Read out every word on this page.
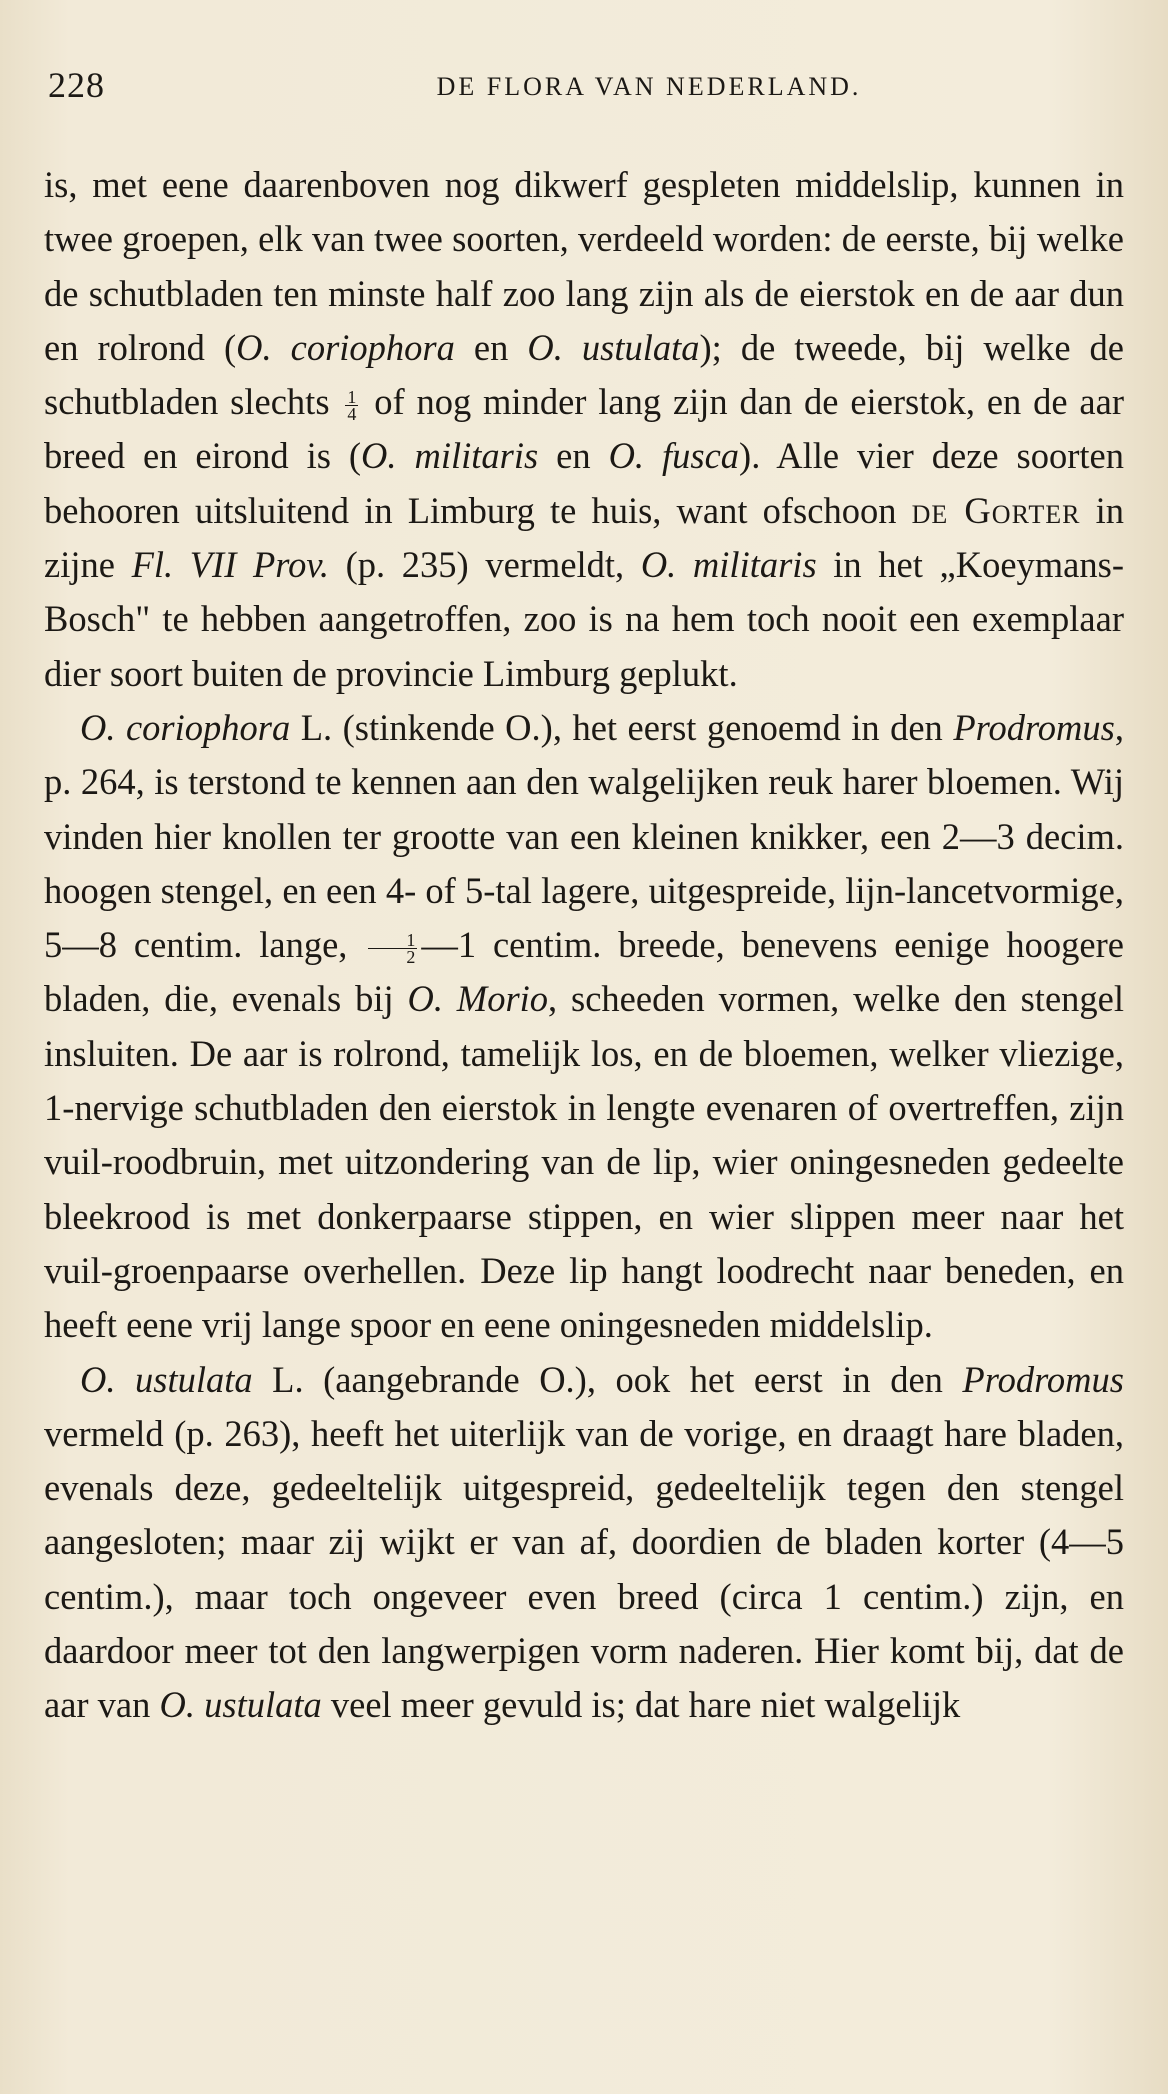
228	DE FLORA VAN NEDERLAND.

is, met eene daarenboven nog dikwerf gespleten middelslip, kunnen in twee groepen, elk van twee soorten, verdeeld worden: de eerste, bij welke de schutbladen ten minste half zoo lang zijn als de eierstok en de aar dun en rolrond (O. coriophora en O. ustulata); de tweede, bij welke de schutbladen slechts $\frac{1}{4}$ of nog minder lang zijn dan de eierstok, en de aar breed en eirond is (O. militaris en O. fusca). Alle vier deze soorten behooren uitsluitend in Limburg te huis, want ofschoon de Gorter in zijne Fl. VII Prov. (p. 235) vermeldt, O. militaris in het „Koeymans-Bosch" te hebben aangetroffen, zoo is na hem toch nooit een exemplaar dier soort buiten de provincie Limburg geplukt.

O. coriophora L. (stinkende O.), het eerst genoemd in den Prodromus, p. 264, is terstond te kennen aan den walgelijken reuk harer bloemen. Wij vinden hier knollen ter grootte van een kleinen knikker, een 2—3 decim. hoogen stengel, en een 4- of 5-tal lagere, uitgespreide, lijn-lancetvormige, 5—8 centim. lange, $\frac{1}{2}$ —1 centim. breede, benevens eenige hoogere bladen, die, evenals bij O. Morio, scheeden vormen, welke den stengel insluiten. De aar is rolrond, tamelijk los, en de bloemen, welker vliezige, 1-nervige schutbladen den eierstok in lengte evenaren of overtreffen, zijn vuil-roodbruin, met uitzondering van de lip, wier oningesneden gedeelte bleekrood is met donkerpaarse stippen, en wier slippen meer naar het vuil-groenpaarse overhellen. Deze lip hangt loodrecht naar beneden, en heeft eene vrij lange spoor en eene oningesneden middelslip.

O. ustulata L. (aangebrande O.), ook het eerst in den Prodromus vermeld (p. 263), heeft het uiterlijk van de vorige, en draagt hare bladen, evenals deze, gedeeltelijk uitgespreid, gedeeltelijk tegen den stengel aangesloten; maar zij wijkt er van af, doordien de bladen korter (4—5 centim.), maar toch ongeveer even breed (circa 1 centim.) zijn, en daardoor meer tot den langwerpigen vorm naderen. Hier komt bij, dat de aar van O. ustulata veel meer gevuld is; dat hare niet walgelijk
